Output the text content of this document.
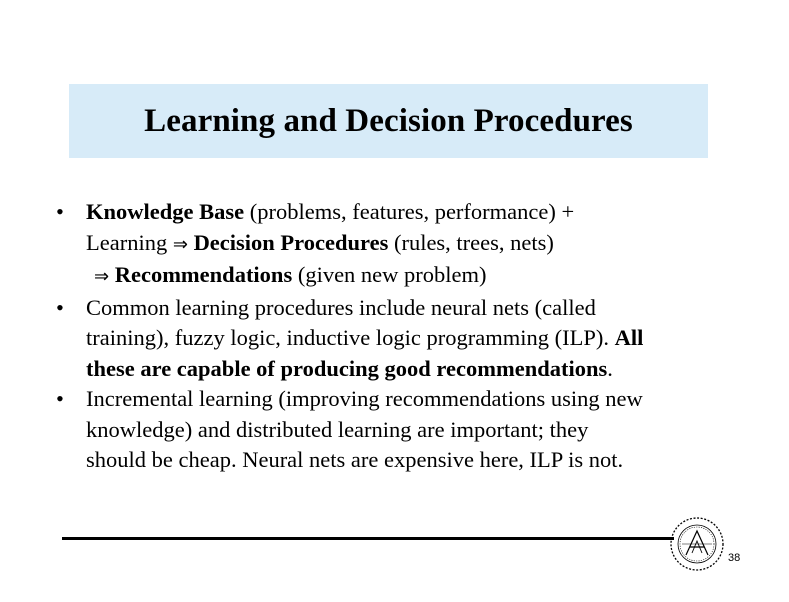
Learning and Decision Procedures
• Knowledge Base (problems, features, performance) +
Learning ⇒ Decision Procedures (rules, trees, nets)
⇒ Recommendations (given new problem)
• Common learning procedures include neural nets (called
training), fuzzy logic, inductive logic programming (ILP). All
these are capable of producing good recommendations.
• Incremental learning (improving recommendations using new
knowledge) and distributed learning are important; they
should be cheap. Neural nets are expensive here, ILP is not.
38
